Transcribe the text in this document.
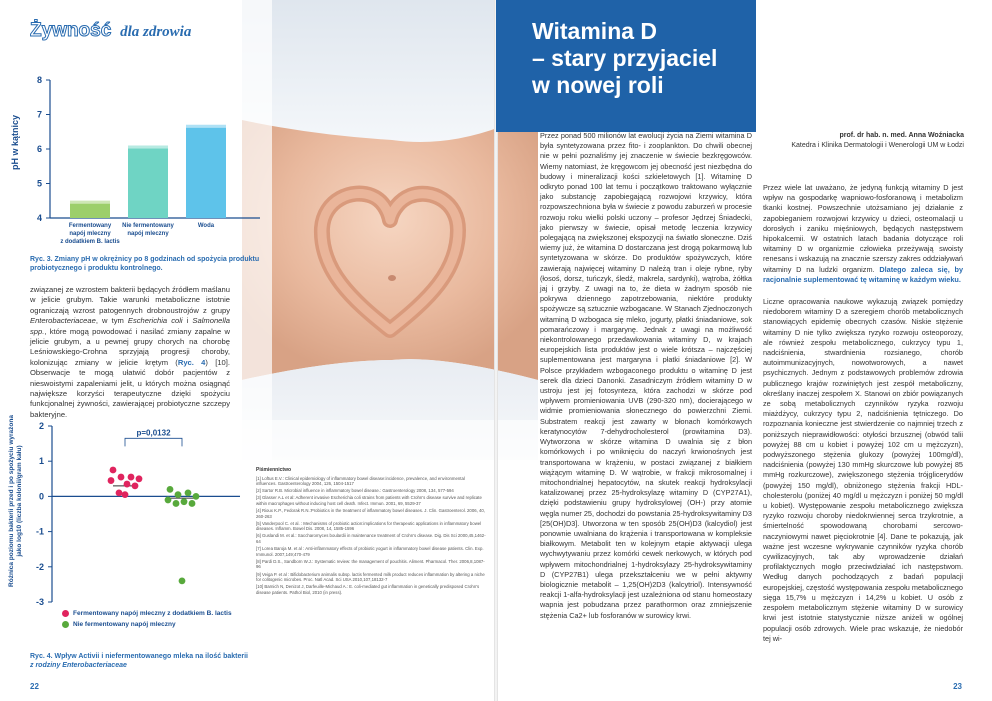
Żywność dla zdrowia
pH w kątnicy
4
5
6
7
8
Fermentowany
napój mleczny
z dodatkiem B. lactis
Nie fermentowany
napój mleczny
Woda
Ryc. 3. Zmiany pH w okrężnicy po 8 godzinach od spożycia produktu probiotycznego i produktu kontrolnego.
związanej ze wzrostem bakterii będących źródłem maślanu w jelicie grubym. Takie warunki metaboliczne istotnie ograniczają wzrost patogennych drobnoustrojów z grupy Enterobacteriaceae, w tym Escherichia coli i Salmonella spp., które mogą powodować i nasilać zmiany zapalne w jelicie grubym, a u pewnej grupy chorych na chorobę Leśniowskiego-Crohna sprzyjają progresji choroby, kolonizując zmiany w jelicie krętym (Ryc. 4) [10]. Obserwacje te mogą ułatwić dobór pacjentów z nieswoistymi zapaleniami jelit, u których można osiągnąć największe korzyści terapeutyczne dzięki spożyciu funkcjonalnej żywności, zawierającej probiotyczne szczepy bakteryjne.
Różnica poziomu bakterii przed i po spożyciu wyrażona jako log10 (liczba kolonii/gram kału)
2
1
0
-1
-2
-3
p=0,0132
Fermentowany napój mleczny z dodatkiem B. lactis
Nie fermentowany napój mleczny
Ryc. 4. Wpływ Activii i niefermentowanego mleka na ilość bakterii
z rodziny Enterobacteriaceae
Piśmiennictwo

[1] Loftus E.V.: Clinical epidemiology of inflammatory bowel disease:incidence, prevalence, and environmental influences. Gastroenterology 2004, 126, 1504-1517

[2] Sartor R.B. Microbial influence in inflammatory bowel disease.: Gastroenterology 2008, 134, 577-594

[3] Glasser A.L et al: Adherent invasive Escherichia coli strains from patients with Crohn's disease survive and replicate within macrophages without inducing host cell death. Infect. Immun. 2001, 69, 5529-37

[4] Rioux K.P., Fedorak R.N.:Probiotics in the treatment of inflammatory bowel diseases. J. Clin. Gastroenterol. 2006, 40, 260-263

[5] Vanderpool C. et al. : Mechanisms of probiotic action:implications for therapeutic applications in inflammatory bowel diseases. Inflamm. Bowel Dis. 2008, 14, 1585-1596

[6] Guslandi M. et al.: Saccharomyces boulardii in maintenance treatment of Crohn's disease. Dig. Dis Sci 2000,45,1462-64

[7] Lorea Baroja M. et al : Anti-inflammatory effects of probiotic yogurt in inflammatory bowel disease patients. Clin. Exp. Immunol. 2007,149;470-479

[8] Pardi D.S., Sandborn W.J.: Systematic review: the management of pouchitis. Aliment. Pharmacol. Ther. 2006,8,1087-96

[9] Veiga P. et al : Bifidobacterium animalis subsp. lactis fermented milk product reduces inflammation by altering a niche for colitogenic microbes. Proc. Natl Acad. Sci USA 2010,107,18132-7

[10] Barnich N, Denizot J, Darfeuille-Michaud A.: E. coli-mediated gut inflammation in genetically predisposed Crohn's disease patients. Pathol Biol, 2010 (in press).

22
Witamina D
– stary przyjaciel
w nowej roli
prof. dr hab. n. med. Anna Woźniacka
Katedra i Klinika Dermatologii i Wenerologii UM w Łodzi
Przez ponad 500 milionów lat ewolucji życia na Ziemi witamina D była syntetyzowana przez fito- i zooplankton. Do chwili obecnej nie w pełni poznaliśmy jej znaczenie w świecie bezkręgowców. Wiemy natomiast, że kręgowcom jej obecność jest niezbędna do budowy i mineralizacji kości szkieletowych [1]. Witaminę D odkryto ponad 100 lat temu i początkowo traktowano wyłącznie jako substancję zapobiegającą rozwojowi krzywicy, która rozpowszechniona była w świecie z powodu zaburzeń w procesie rozwoju roku wielki polski uczony – profesor Jędrzej Śniadecki, jako pierwszy w świecie, opisał metodę leczenia krzywicy polegającą na zwiększonej ekspozycji na światło słoneczne. Dziś wiemy już, że witamina D dostarczana jest drogą pokarmową lub syntetyzowana w skórze. Do produktów spożywczych, które zawierają najwięcej witaminy D należą tran i oleje rybne, ryby (łosoś, dorsz, tuńczyk, śledź, makrela, sardynki), wątroba, żółtka jaj i grzyby. Z uwagi na to, że dieta w żadnym sposób nie pokrywa dziennego zapotrzebowania, niektóre produkty spożywcze są sztucznie wzbogacane. W Stanach Zjednoczonych witaminą D wzbogaca się mleko, jogurty, płatki śniadaniowe, sok pomarańczowy i margarynę. Jednak z uwagi na możliwość niekontrolowanego przedawkowania witaminy D, w krajach europejskich lista produktów jest o wiele krótsza – najczęściej suplementowana jest margaryna i płatki śniadaniowe [2]. W Polsce przykładem wzbogaconego produktu o witaminę D jest serek dla dzieci Danonki. Zasadniczym źródłem witaminy D w ustroju jest jej fotosynteza, która zachodzi w skórze pod wpływem promieniowania UVB (290-320 nm), docierającego w widmie promieniowania słonecznego do powierzchni Ziemi. Substratem reakcji jest zawarty w błonach komórkowych keratynocytów 7-dehydrocholesterol (prowitamina D3). Wytworzona w skórze witamina D uwalnia się z błon komórkowych i po wniknięciu do naczyń krwionośnych jest transportowana w krążeniu, w postaci związanej z białkiem wiążącym witaminę D. W wątrobie, w frakcji mikrosomalnej i mitochondrialnej hepatocytów, na skutek reakcji hydroksylacji katalizowanej przez 25-hydroksylazę witaminy D (CYP27A1), dzięki podstawieniu grupy hydroksylowej (OH-) przy atomie węgla numer 25, dochodzi do powstania 25-hydroksywitaminy D3 [25(OH)D3]. Utworzona w ten sposób 25(OH)D3 (kalcydiol) jest ponownie uwalniana do krążenia i transportowana w kompleksie białkowym. Metabolit ten w kolejnym etapie aktywacji ulega wychwytywaniu przez komórki cewek nerkowych, w których pod wpływem mitochondrialnej 1-hydroksylazy 25-hydroksywitaminy D (CYP27B1) ulega przekształceniu we w pełni aktywny biologicznie metabolit – 1,25(OH)2D3 (kalcytriol). Intensywność reakcji 1-alfa-hydroksylacji jest uzależniona od stanu homeostazy wapnia jest pobudzana przez parathormon oraz zmniejszenie stężenia Ca2+ lub fosforanów w surowicy krwi.
Przez wiele lat uważano, że jedyną funkcją witaminy D jest wpływ na gospodarkę wapniowo-fosforanową i metabolizm tkanki kostnej. Powszechnie utożsamiano jej działanie z zapobieganiem rozwojowi krzywicy u dzieci, osteomalacji u dorosłych i zaniku mięśniowych, będących następstwem hipokalcemii. W ostatnich latach badania dotyczące roli witaminy D w organizmie człowieka przeżywają swoisty renesans i wskazują na znacznie szerszy zakres oddziaływań witaminy D na ludzki organizm. Dlatego zaleca się, by racjonalnie suplementować tę witaminę w każdym wieku.
Liczne opracowania naukowe wykazują związek pomiędzy niedoborem witaminy D a szeregiem chorób metabolicznych stanowiących epidemię obecnych czasów. Niskie stężenie witaminy D nie tylko zwiększa ryzyko rozwoju osteoporozy, ale również zespołu metabolicznego, cukrzycy typu 1, nadciśnienia, stwardnienia rozsianego, chorób autoimmunizacyjnych, nowotworowych, a nawet psychicznych. Jednym z podstawowych problemów zdrowia publicznego krajów rozwiniętych jest zespół metaboliczny, określany inaczej zespołem X. Stanowi on zbiór powiązanych ze sobą metabolicznych czynników ryzyka rozwoju miażdżycy, cukrzycy typu 2, nadciśnienia tętniczego. Do rozpoznania konieczne jest stwierdzenie co najmniej trzech z poniższych nieprawidłowości: otyłości brzusznej (obwód talii powyżej 88 cm u kobiet i powyżej 102 cm u mężczyzn), podwyższonego stężenia glukozy (powyżej 100mg/dl), nadciśnienia (powyżej 130 mmHg skurczowe lub powyżej 85 mmHg rozkurczowe), zwiększonego stężenia trójglicerydów (powyżej 150 mg/dl), obniżonego stężenia frakcji HDL-cholesterolu (poniżej 40 mg/dl u mężczyzn i poniżej 50 mg/dl u kobiet). Występowanie zespołu metabolicznego zwiększa ryzyko rozwoju choroby niedokrwiennej serca trzykrotnie, a śmiertelność spowodowaną chorobami sercowo-naczyniowymi nawet pięciokrotnie [4]. Dane te pokazują, jak ważne jest wczesne wykrywanie czynników ryzyka chorób cywilizacyjnych, tak aby wprowadzenie działań profilaktycznych mogło przeciwdziałać ich następstwom. Według danych pochodzących z badań populacji europejskiej, częstość występowania zespołu metabolicznego sięga 15,7% u mężczyzn i 14,2% u kobiet. U osób z zespołem metabolicznym stężenie witaminy D w surowicy krwi jest istotnie statystycznie niższe aniżeli w ogólnej populacji osób zdrowych. Wiele prac wskazuje, że niedobór tej wi-
23
